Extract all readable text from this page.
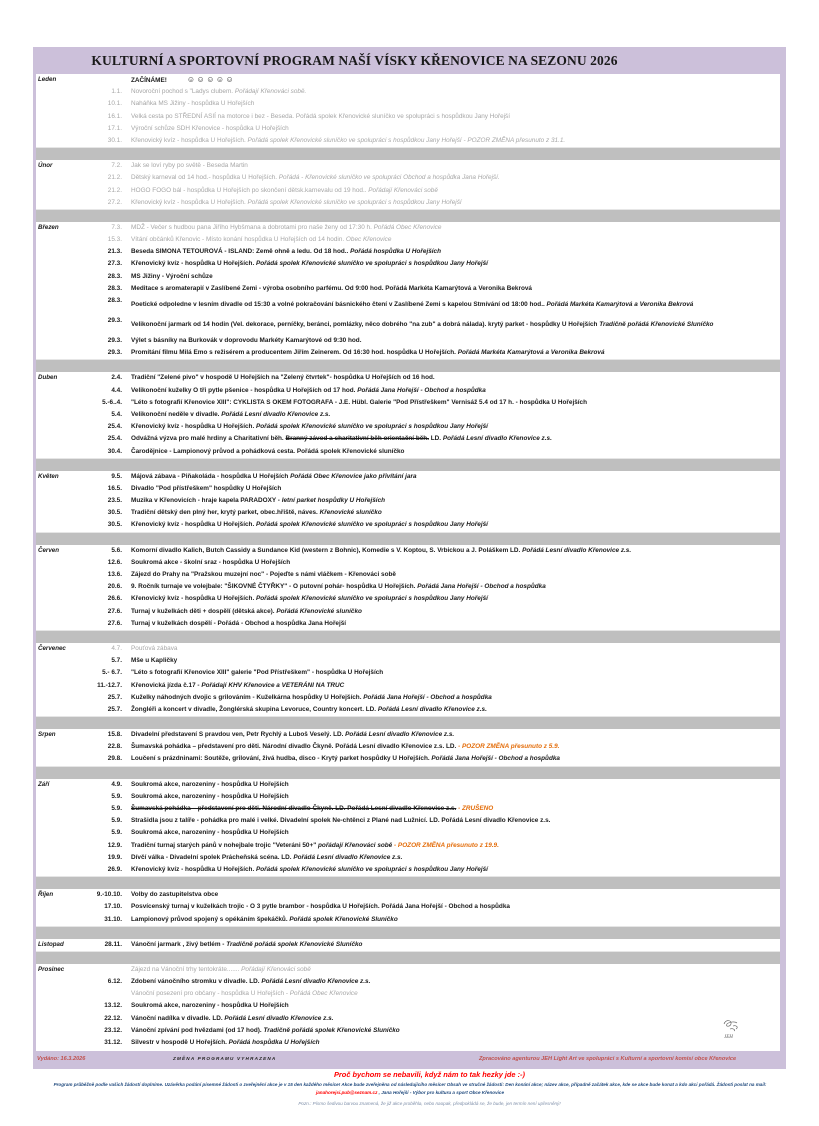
KULTURNÍ A SPORTOVNÍ PROGRAM NAŠÍ VÍSKY KŘENOVICE NA SEZONU 2026
Leden	ZAČÍNÁME!	☺☺☺☺☺
1.1. Novoroční pochod s "Ladys clubem. Pořádají Křenováci sobě.
10.1. Naháňka MS Jižiny - hospůdka U Hořejších
16.1. Velká cesta po STŘEDNÍ ASIÍ na motorce i bez - Beseda. Pořádá spolek Křenovické sluníčko ve spolupráci s hospůdkou Jany Hořejší
17.1. Výroční schůze SDH Křenovice - hospůdka U Hořejších
30.1. Křenovický kvíz - hospůdka U Hořejších. Pořádá spolek Křenovické sluníčko ve spolupráci s hospůdkou Jany Hořejší - POZOR ZMĚNA přesunuto z 31.1.
Únor	7.2. Jak se loví ryby po světě - Beseda Martin
21.2. Dětský karneval od 14 hod.- hospůdka U Hořejších. Pořádá - Křenovické sluníčko ve spolupráci Obchod a hospůdka Jana Hořejší.
21.2. HOGO FOGO bál - hospůdka U Hořejších po skončení dětsk.karnevalu od 19 hod.. Pořádají Křenováci sobě
27.2. Křenovický kvíz - hospůdka U Hořejších. Pořádá spolek Křenovické sluníčko ve spolupráci s hospůdkou Jany Hořejší
Březen	7.3. MDŽ - Večer s hudbou pana Jiřího Hybšmana a dobrotami pro naše ženy od 17:30 h. Pořádá Obec Křenovice
15.3. Vítání občánků Křenovic - Místo konání hospůdka U Hořejších od 14 hodin. Obec Křenovice
21.3. Beseda SIMONA TETOUROVÁ - ISLAND: Země ohně a ledu. Od 18 hod.. Pořádá hospůdka U Hořejších
27.3. Křenovický kvíz - hospůdka U Hořejších. Pořádá spolek Křenovické sluníčko ve spolupráci s hospůdkou Jany Hořejší
28.3. MS Jižiny - Výroční schůze
28.3. Meditace s aromaterapií v Zaslíbené Zemi - výroba osobního parfému. Od 9:00 hod. Pořádá Markéta Kamarýtová a Veronika Bekrová
28.3.
Poetické odpoledne v lesním divadle od 15:30 a volné pokračování básnického čtení v Zaslíbené Zemi s kapelou Stmívání od 18:00 hod.. Pořádá Markéta Kamarýtová a Veronika Bekrová
29.3.
Velikonoční jarmark od 14 hodin (Vel. dekorace, perníčky, beránci, pomlázky, něco dobrého "na zub" a dobrá nálada). krytý parket - hospůdky U Hořejších Tradičně pořádá Křenovické Sluníčko
29.3. Výlet s básníky na Burkovák v doprovodu Markéty Kamarýtové od 9:30 hod.
29.3. Promítání filmu Milá Emo s režisérem a producentem Jiřím Zeinerem. Od 16:30 hod. hospůdka U Hořejších. Pořádá Markéta Kamarýtová a Veronika Bekrová
Duben	2.4. Tradiční "Zelené pivo" v hospodě U Hořejších na "Zelený čtvrtek"- hospůdka U Hořejších od 16 hod.
4.4. Velikonoční kuželky O tři pytle pšenice - hospůdka U Hořejších od 17 hod. Pořádá Jana Hořejší - Obchod a hospůdka
5.-6..4. "Léto s fotografií Křenovice XIII": CYKLISTA S OKEM FOTOGRAFA - J.E. Hübl. Galerie "Pod Přístřeškem" Vernisáž 5.4 od 17 h. - hospůdka U Hořejších
5.4. Velikonoční neděle v divadle. Pořádá Lesní divadlo Křenovice z.s.
25.4. Křenovický kvíz - hospůdka U Hořejších. Pořádá spolek Křenovické sluníčko ve spolupráci s hospůdkou Jany Hořejší
25.4. Odvážná výzva pro malé hrdiny a Charitativní běh. Branný závod a charitativní běh orientační běh. LD. Pořádá Lesní divadlo Křenovice z.s.
30.4. Čarodějnice - Lampionový průvod a pohádková cesta. Pořádá spolek Křenovické sluníčko
Květen	9.5. Májová zábava - Piňakoláda - hospůdka U Hořejších Pořádá Obec Křenovice jako přivítání jara
16.5. Divadlo "Pod přístřeškem" hospůdky U Hořejších
23.5. Muzika v Křenovicích - hraje kapela PARADOXY - letní parket hospůdky U Hořejších
30.5. Tradiční dětský den plný her, krytý parket, obec.hřiště, náves. Křenovické sluníčko
30.5. Křenovický kvíz - hospůdka U Hořejších. Pořádá spolek Křenovické sluníčko ve spolupráci s hospůdkou Jany Hořejší
Červen	5.6. Komorní divadlo Kalich, Butch Cassidy a Sundance Kid (western z Bohnic), Komedie s V. Koptou, S. Vrbickou a J. Poláškem LD. Pořádá Lesní divadlo Křenovice z.s.
12.6. Soukromá akce - školní sraz - hospůdka U Hořejších
13.6. Zájezd do Prahy na "Pražskou muzejní noc" - Pojeďte s námi vláčkem - Křenováci sobě
20.6. 9. Ročník turnaje ve volejbale: "ŠIKOVNÉ ČTYŘKY" - O putovní pohár- hospůdka U Hořejších. Pořádá Jana Hořejší - Obchod a hospůdka
26.6. Křenovický kvíz - hospůdka U Hořejších. Pořádá spolek Křenovické sluníčko ve spolupráci s hospůdkou Jany Hořejší
27.6. Turnaj v kuželkách děti + dospělí (dětská akce). Pořádá Křenovické sluníčko
27.6. Turnaj v kuželkách dospělí - Pořádá - Obchod a hospůdka Jana Hořejší
Červenec	4.7. Pouťová zábava
5.7. Mše u Kapličky
5.- 6.7. "Léto s fotografií Křenovice XIII" galerie "Pod Přístřeškem" - hospůdka U Hořejších
11.-12.7. Křenovická jízda č.17 - Pořádají KHV Křenovice a VETERÁNI NA TRUC
25.7. Kuželky náhodných dvojic s grilováním - Kuželkárna hospůdky U Hořejších. Pořádá Jana Hořejší - Obchod a hospůdka
25.7. Žongléři a koncert v divadle, Žonglérská skupina Levoruce, Country koncert. LD. Pořádá Lesní divadlo Křenovice z.s.
Srpen	15.8. Divadelní představení S pravdou ven, Petr Rychlý a Luboš Veselý. LD. Pořádá Lesní divadlo Křenovice z.s.
22.8. Šumavská pohádka – představení pro děti. Národní divadlo Čkyně. Pořádá Lesní divadlo Křenovice z.s. LD. - POZOR ZMĚNA přesunuto z 5.9.
29.8. Loučení s prázdninami: Soutěže, grilování, živá hudba, disco - Krytý parket hospůdky U Hořejších. Pořádá Jana Hořejší - Obchod a hospůdka
Září	4.9. Soukromá akce, narozeniny - hospůdka U Hořejších
5.9. Soukromá akce, narozeniny - hospůdka U Hořejších
5.9. Šumavská pohádka – představení pro děti. Národní divadlo Čkyně. LD. Pořádá Lesní divadlo Křenovice z.s. - ZRUŠENO
5.9. Strašidla jsou z talíře - pohádka pro malé i velké. Divadelní spolek Ne-chtěnci z Plané nad Lužnicí. LD. Pořádá Lesní divadlo Křenovice z.s.
5.9. Soukromá akce, narozeniny - hospůdka U Hořejších
12.9. Tradiční turnaj starých pánů v nohejbale trojic "Veteráni 50+" pořádají Křenováci sobě - POZOR ZMĚNA přesunuto z 19.9.
19.9. Dívčí válka - Divadelní spolek Prácheňská scéna. LD. Pořádá Lesní divadlo Křenovice z.s.
26.9. Křenovický kvíz - hospůdka U Hořejších. Pořádá spolek Křenovické sluníčko ve spolupráci s hospůdkou Jany Hořejší
Říjen	9.-10.10. Volby do zastupitelstva obce
17.10. Posvícenský turnaj v kuželkách trojic - O 3 pytle brambor - hospůdka U Hořejších. Pořádá Jana Hořejší - Obchod a hospůdka
31.10. Lampionový průvod spojený s opékáním špekáčků. Pořádá spolek Křenovické Sluníčko
Listopad	28.11. Vánoční jarmark , živý betlém - Tradičně pořádá spolek Křenovické Sluníčko
Prosinec	Zájezd na Vánoční trhy tentokráte....... Pořádají Křenováci sobě
6.12. Zdobení vánočního stromku v divadle. LD. Pořádá Lesní divadlo Křenovice z.s.
Vánoční posezení pro občany - hospůdka U Hořejších - Pořádá Obec Křenovice
13.12. Soukromá akce, narozeniny - hospůdka U Hořejších
22.12. Vánoční nadílka v divadle. LD. Pořádá Lesní divadlo Křenovice z.s.
23.12. Vánoční zpívání pod hvězdami (od 17 hod). Tradičně pořádá spolek Křenovické Sluníčko
31.12. Silvestr v hospodě U Hořejších. Pořádá hospůdka U Hořejších
Vydáno: 16.3.2026	ZMĚNA PROGRAMU VYHRAZENA	Zpracováno agenturou JEH Light Art ve spolupráci s Kulturní a sportovní komisí obce Křenovice
JEH
Proč bychom se nebavili, když nám to tak hezky jde :-)
Program průběžně podle vašich žádostí doplníme. Uzávěrka podání písemné žádosti o zveřejnění akce je v 15 den každého měsíce! Akce bude zveřejněna od následujícího měsíce! Obsah ve stručné žádosti: Den konání akce; název akce, případně začátek akce, kde se akce bude konat a kdo akci pořádá. Žádosti poslat na mail: janahorejsi.pub@seznam.cz , Jana Hořejší - Výbor pro kulturu a sport Obce Křenovice
Pozn.: Písmo šedivou barvou znamená, že již akce proběhla, nebo naopak, předpokládá se, že bude, jen termín není upřesněný!
